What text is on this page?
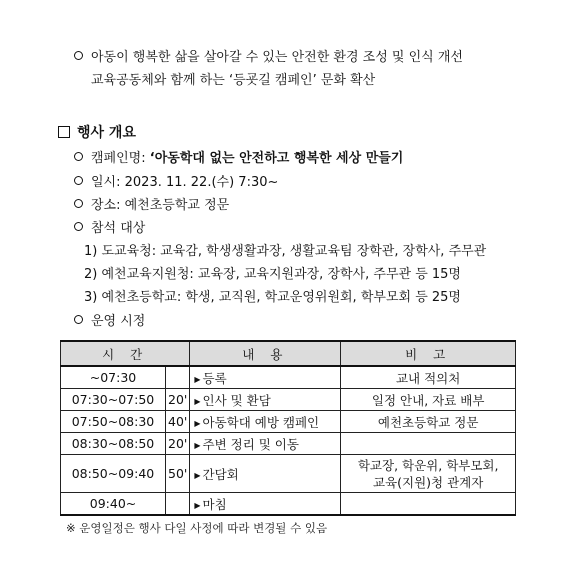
아동이 행복한 삶을 살아갈 수 있는 안전한 환경 조성 및 인식 개선
교육공동체와 함께 하는 ‘등굣길 캠페인’ 문화 확산
행사 개요
캠페인명: ‘아동학대 없는 안전하고 행복한 세상 만들기
일시: 2023. 11. 22.(수) 7:30~
장소: 예천초등학교 정문
참석 대상
1) 도교육청: 교육감, 학생생활과장, 생활교육팀 장학관, 장학사, 주무관
2) 예천교육지원청: 교육장, 교육지원과장, 장학사, 주무관 등 15명
3) 예천초등학교: 학생, 교직원, 학교운영위원회, 학부모회 등 25명
운영 시정
시 간		내 용	비 고
~07:30		▶ 등록	교내 적의처
07:30~07:50	20'	▶ 인사 및 환담	일정 안내, 자료 배부
07:50~08:30	40'	▶ 아동학대 예방 캠페인	예천초등학교 정문
08:30~08:50	20'	▶ 주변 정리 및 이동	
08:50~09:40	50'	▶ 간담회	학교장, 학운위, 학부모회,
교육(지원)청 관계자

09:40~		▶ 마침	
※ 운영일정은 행사 다일 사정에 따라 변경될 수 있음
